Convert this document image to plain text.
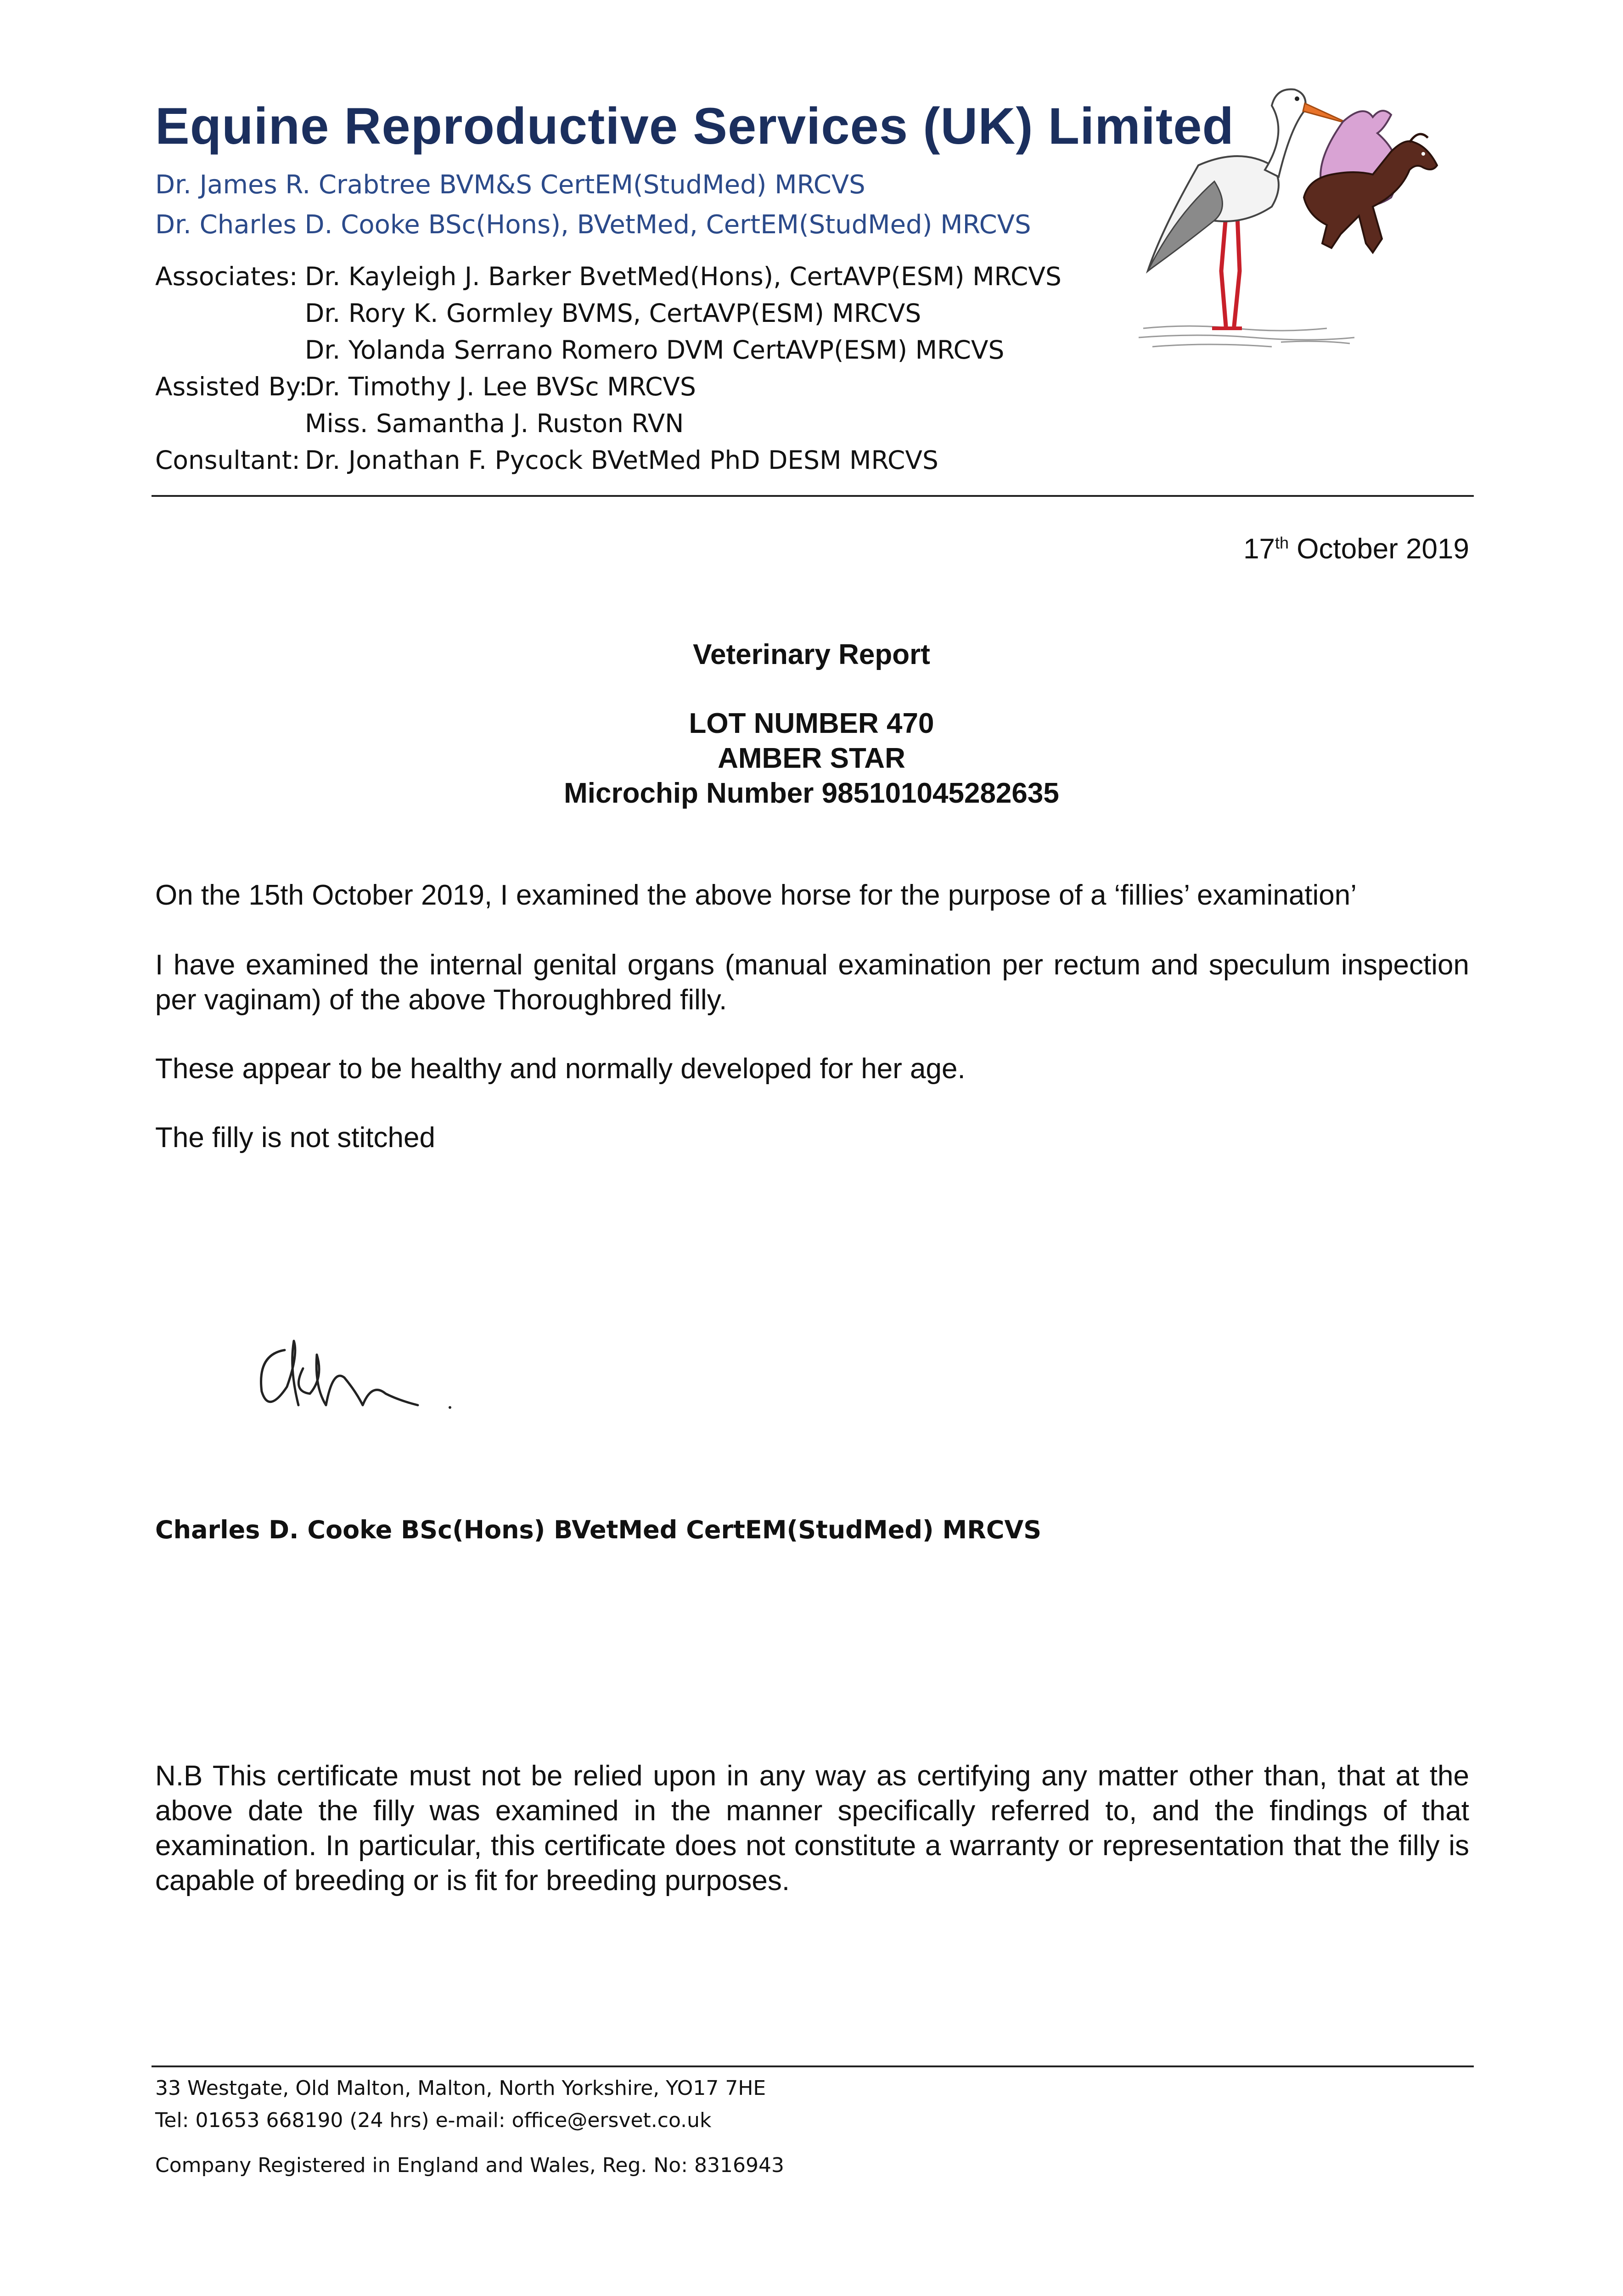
Equine Reproductive Services (UK) Limited
Dr. James R. Crabtree BVM&S CertEM(StudMed) MRCVS
Dr. Charles D. Cooke BSc(Hons), BVetMed, CertEM(StudMed) MRCVS
Associates: Dr. Kayleigh J. Barker BvetMed(Hons), CertAVP(ESM) MRCVS
Dr. Rory K. Gormley BVMS, CertAVP(ESM) MRCVS
Dr. Yolanda Serrano Romero DVM CertAVP(ESM) MRCVS
Assisted By:
Dr. Timothy J. Lee BVSc MRCVS
Miss. Samantha J. Ruston RVN
Consultant: Dr. Jonathan F. Pycock BVetMed PhD DESM MRCVS
17th October 2019
Veterinary Report
LOT NUMBER 470
AMBER STAR
Microchip Number 985101045282635
On the 15th October 2019, I examined the above horse for the purpose of a ‘fillies’ examination’
I have examined the internal genital organs (manual examination per rectum and speculum inspection per vaginam) of the above Thoroughbred filly.
These appear to be healthy and normally developed for her age.
The filly is not stitched
Charles D. Cooke BSc(Hons) BVetMed CertEM(StudMed) MRCVS
N.B This certificate must not be relied upon in any way as certifying any matter other than, that at the above date the filly was examined in the manner specifically referred to, and the findings of that examination. In particular, this certificate does not constitute a warranty or representation that the filly is capable of breeding or is fit for breeding purposes.
33 Westgate, Old Malton, Malton, North Yorkshire, YO17 7HE
Tel: 01653 668190 (24 hrs) e-mail: office@ersvet.co.uk
Company Registered in England and Wales, Reg. No: 8316943
